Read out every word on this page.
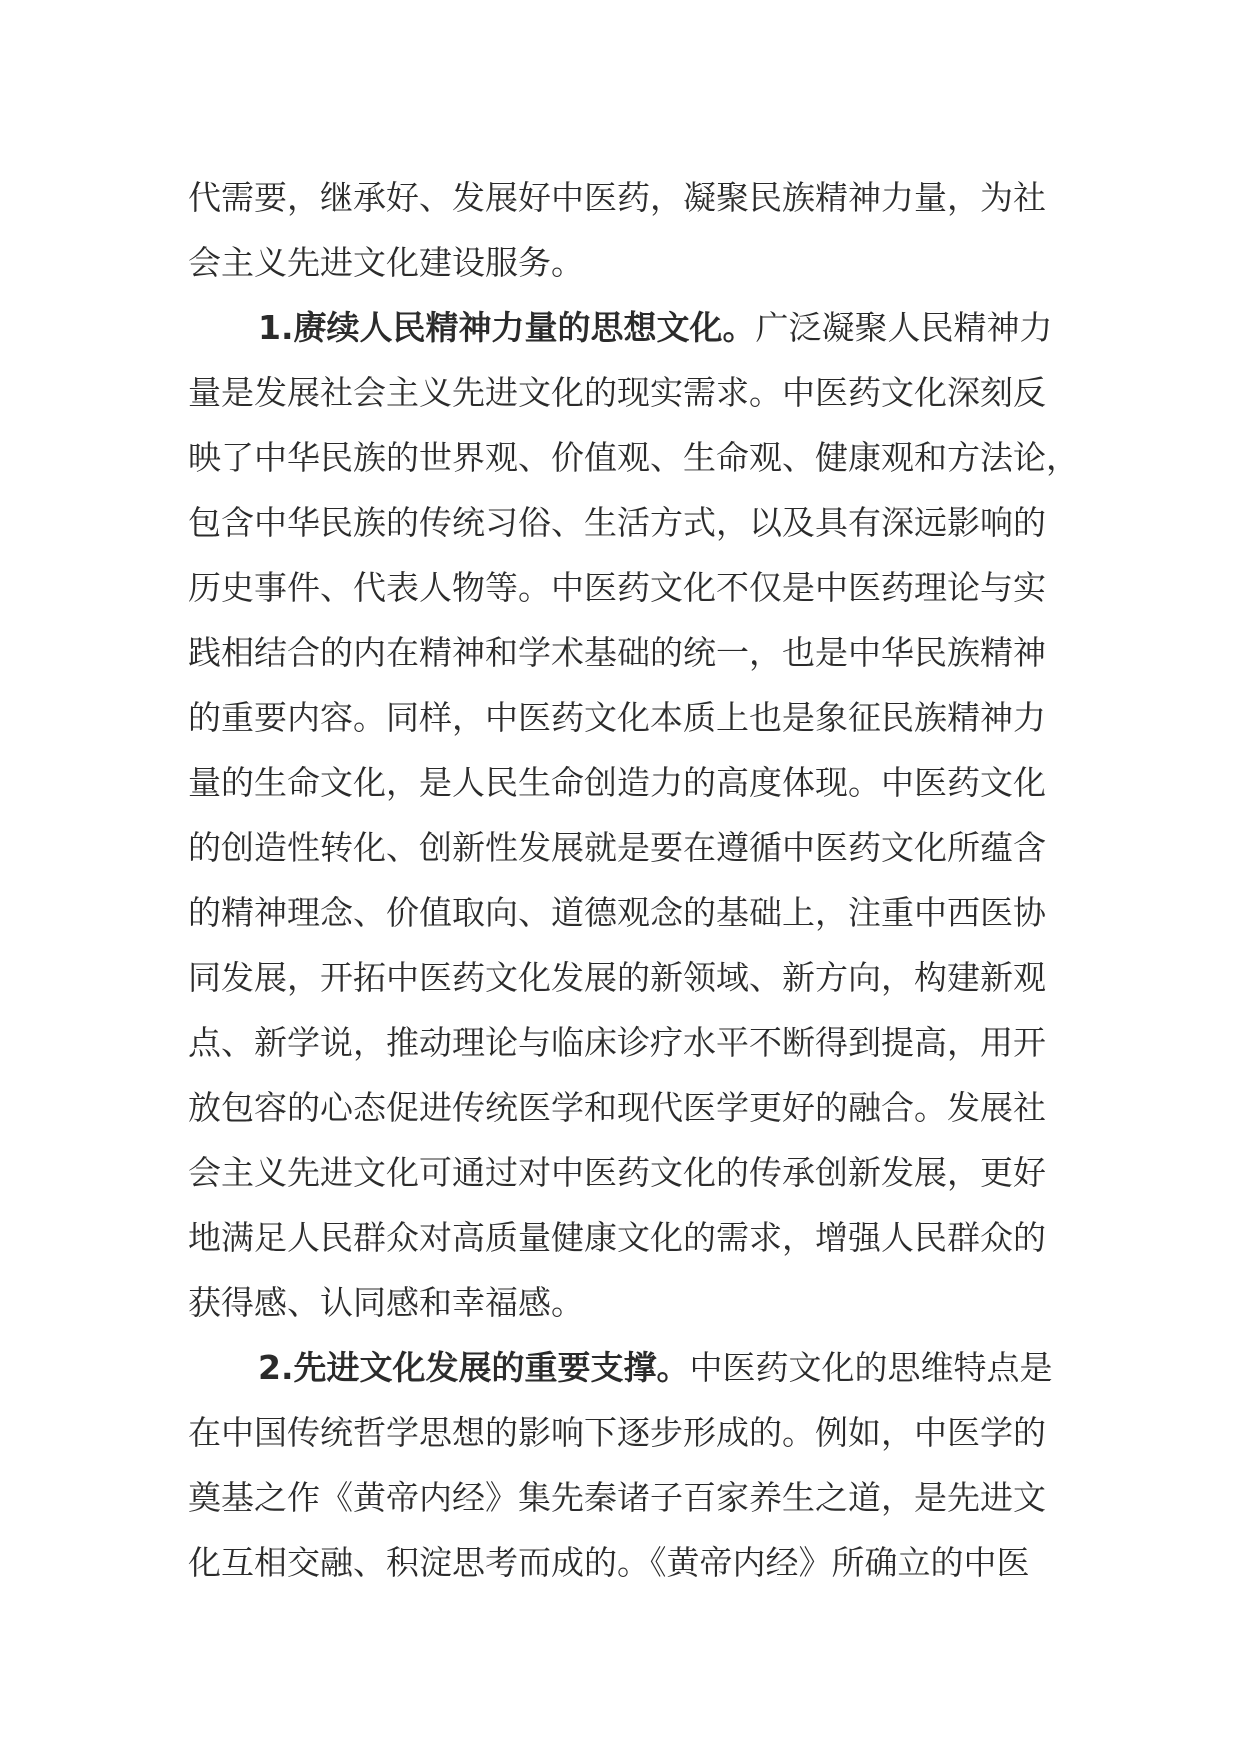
代需要，继承好、发展好中医药，凝聚民族精神力量，为社
会主义先进文化建设服务。
1.赓续人民精神力量的思想文化。广泛凝聚人民精神力
量是发展社会主义先进文化的现实需求。中医药文化深刻反
映了中华民族的世界观、价值观、生命观、健康观和方法论，
包含中华民族的传统习俗、生活方式，以及具有深远影响的
历史事件、代表人物等。中医药文化不仅是中医药理论与实
践相结合的内在精神和学术基础的统一，也是中华民族精神
的重要内容。同样，中医药文化本质上也是象征民族精神力
量的生命文化，是人民生命创造力的高度体现。中医药文化
的创造性转化、创新性发展就是要在遵循中医药文化所蕴含
的精神理念、价值取向、道德观念的基础上，注重中西医协
同发展，开拓中医药文化发展的新领域、新方向，构建新观
点、新学说，推动理论与临床诊疗水平不断得到提高，用开
放包容的心态促进传统医学和现代医学更好的融合。发展社
会主义先进文化可通过对中医药文化的传承创新发展，更好
地满足人民群众对高质量健康文化的需求，增强人民群众的
获得感、认同感和幸福感。
2.先进文化发展的重要支撑。中医药文化的思维特点是
在中国传统哲学思想的影响下逐步形成的。例如，中医学的
奠基之作《黄帝内经》集先秦诸子百家养生之道，是先进文
化互相交融、积淀思考而成的。《黄帝内经》所确立的中医
